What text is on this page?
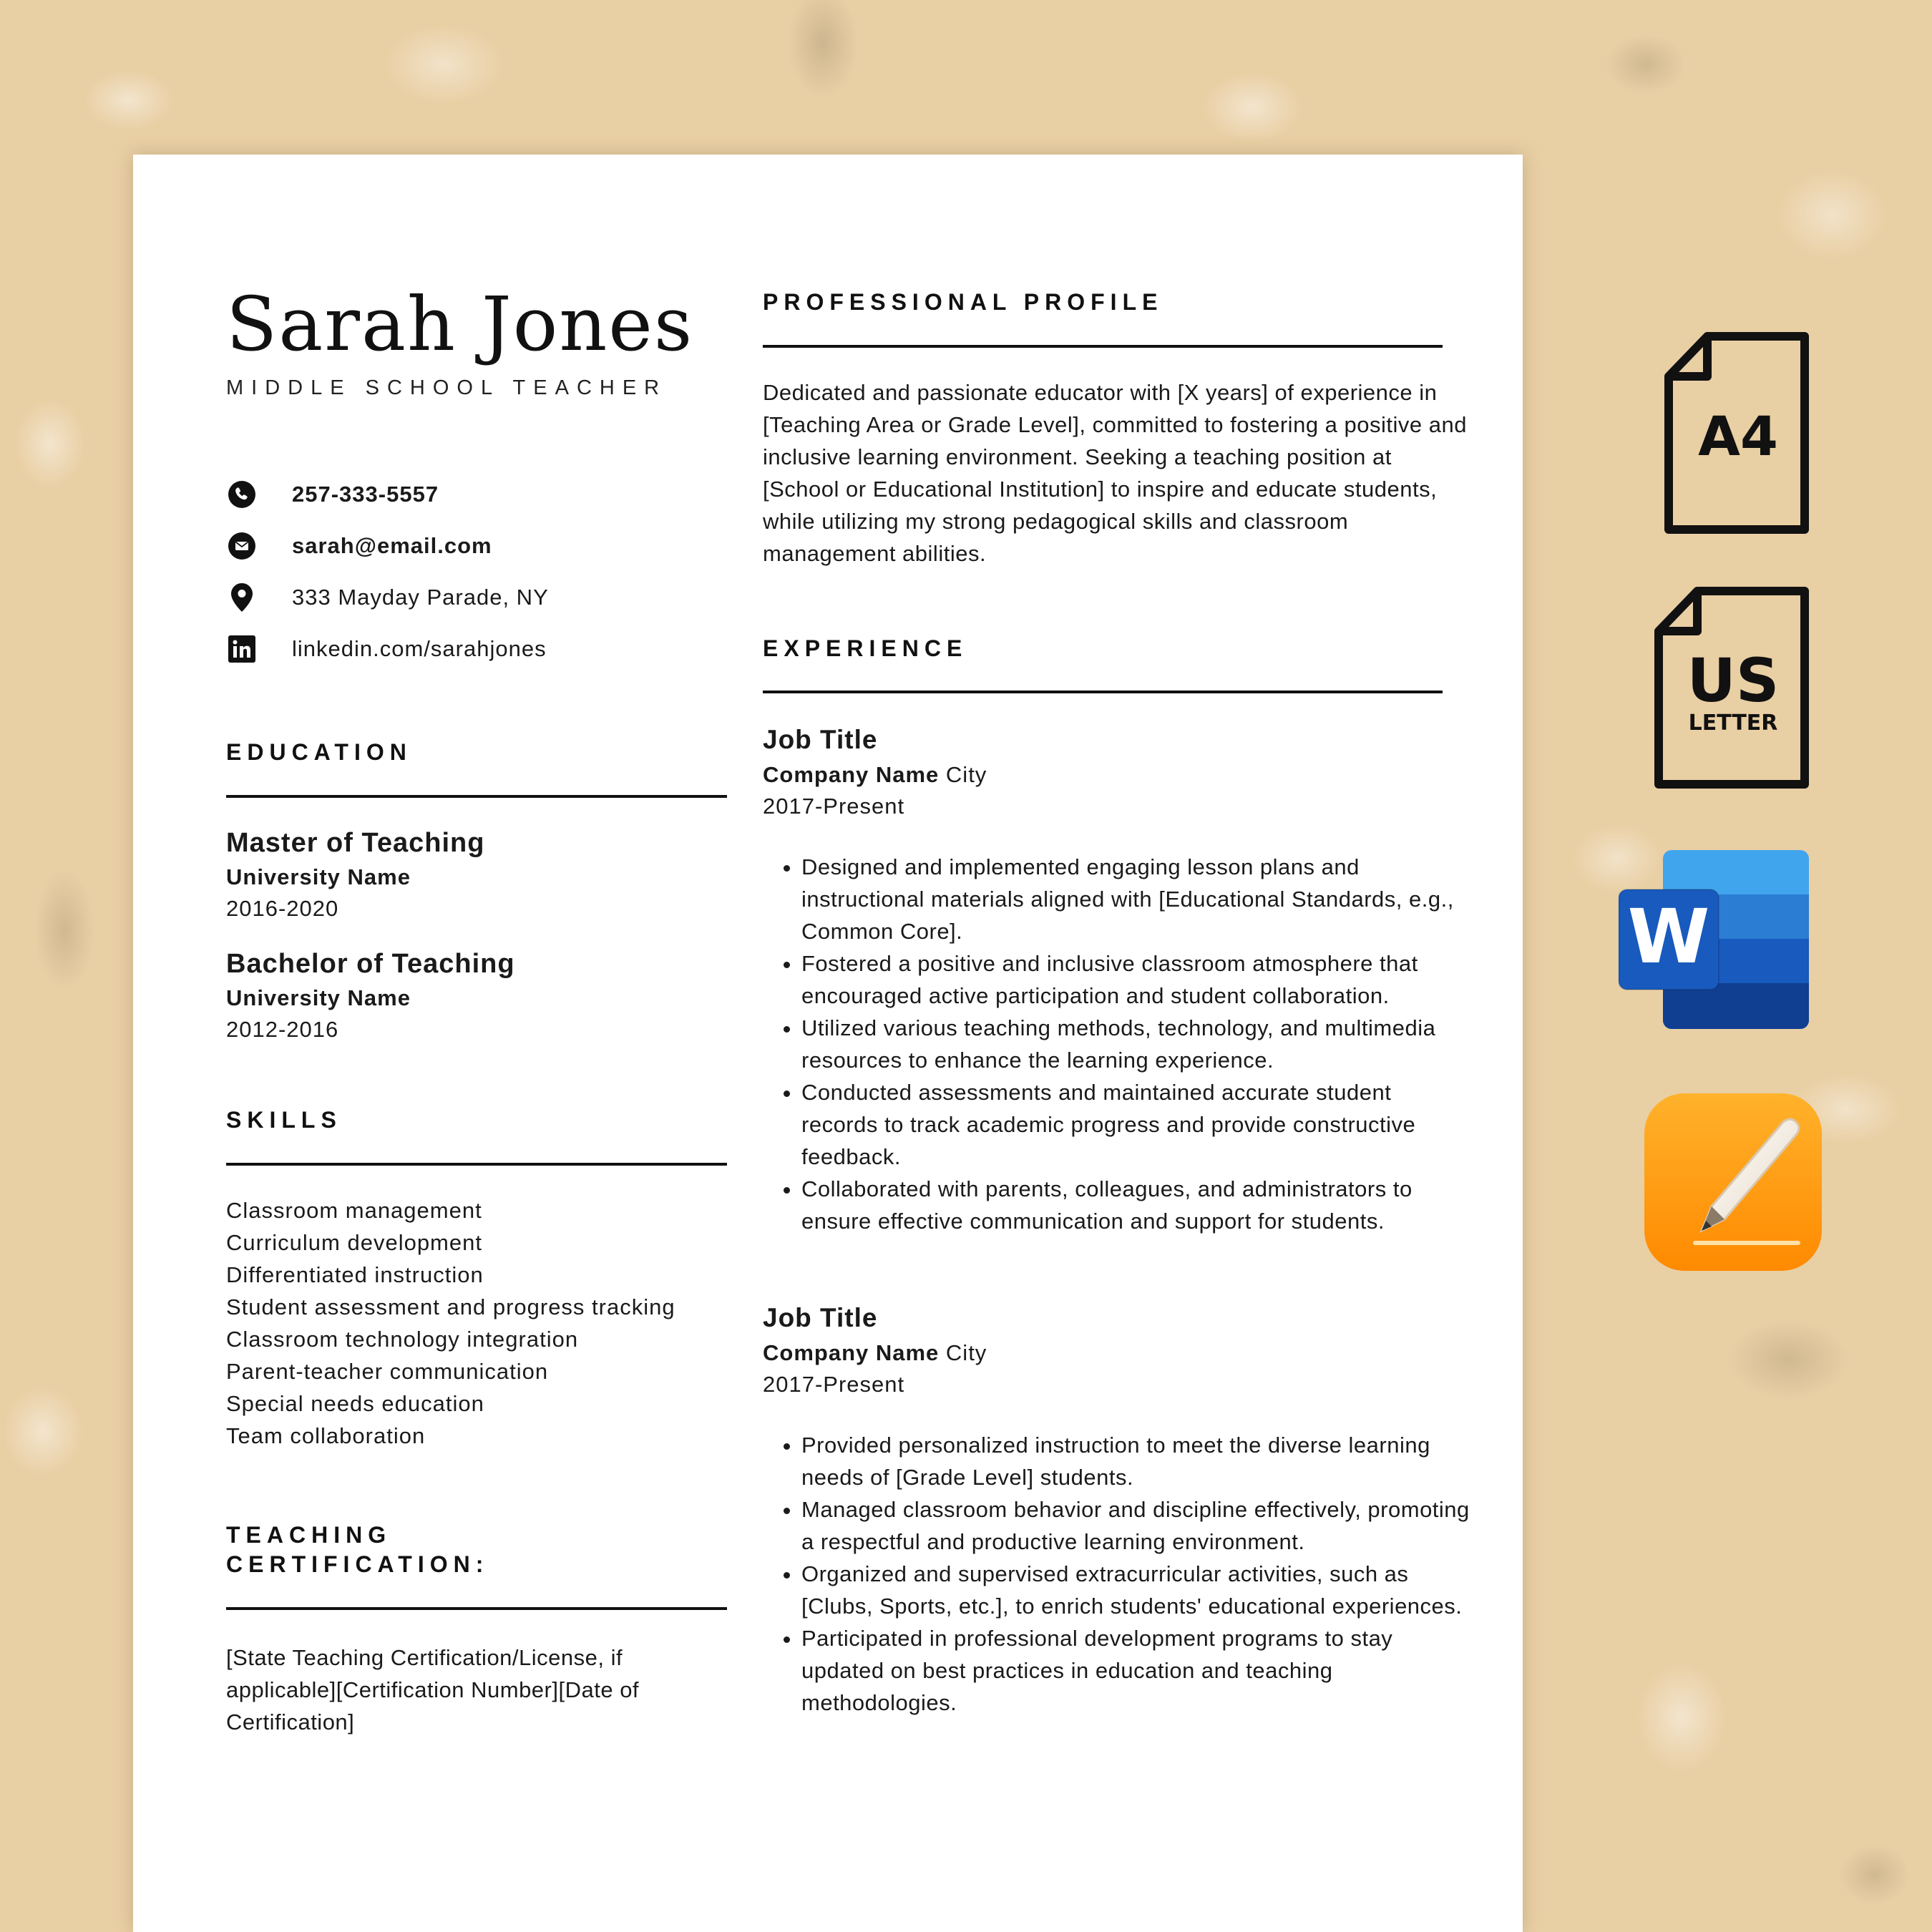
Sarah Jones
MIDDLE SCHOOL TEACHER
257-333-5557
sarah@email.com
333 Mayday Parade, NY
linkedin.com/sarahjones
EDUCATION
Master of Teaching
University Name
2016-2020
Bachelor of Teaching
University Name
2012-2016
SKILLS
Classroom management
Curriculum development
Differentiated instruction
Student assessment and progress tracking
Classroom technology integration
Parent-teacher communication
Special needs education
Team collaboration
TEACHING
CERTIFICATION:

[State Teaching Certification/License, if applicable][Certification Number][Date of Certification]

PROFESSIONAL PROFILE

Dedicated and passionate educator with [X years] of experience in [Teaching Area or Grade Level], committed to fostering a positive and inclusive learning environment. Seeking a teaching position at [School or Educational Institution] to inspire and educate students, while utilizing my strong pedagogical skills and classroom management abilities.

EXPERIENCE
Job Title
Company Name City
2017-Present
• Designed and implemented engaging lesson plans and instructional materials aligned with [Educational Standards, e.g., Common Core].
• Fostered a positive and inclusive classroom atmosphere that encouraged active participation and student collaboration.
• Utilized various teaching methods, technology, and multimedia resources to enhance the learning experience.
• Conducted assessments and maintained accurate student records to track academic progress and provide constructive feedback.
• Collaborated with parents, colleagues, and administrators to ensure effective communication and support for students.
Job Title
Company Name City
2017-Present
• Provided personalized instruction to meet the diverse learning needs of [Grade Level] students.
• Managed classroom behavior and discipline effectively, promoting a respectful and productive learning environment.
• Organized and supervised extracurricular activities, such as [Clubs, Sports, etc.], to enrich students' educational experiences.
• Participated in professional development programs to stay updated on best practices in education and teaching methodologies.
A4
US
LETTER
W
